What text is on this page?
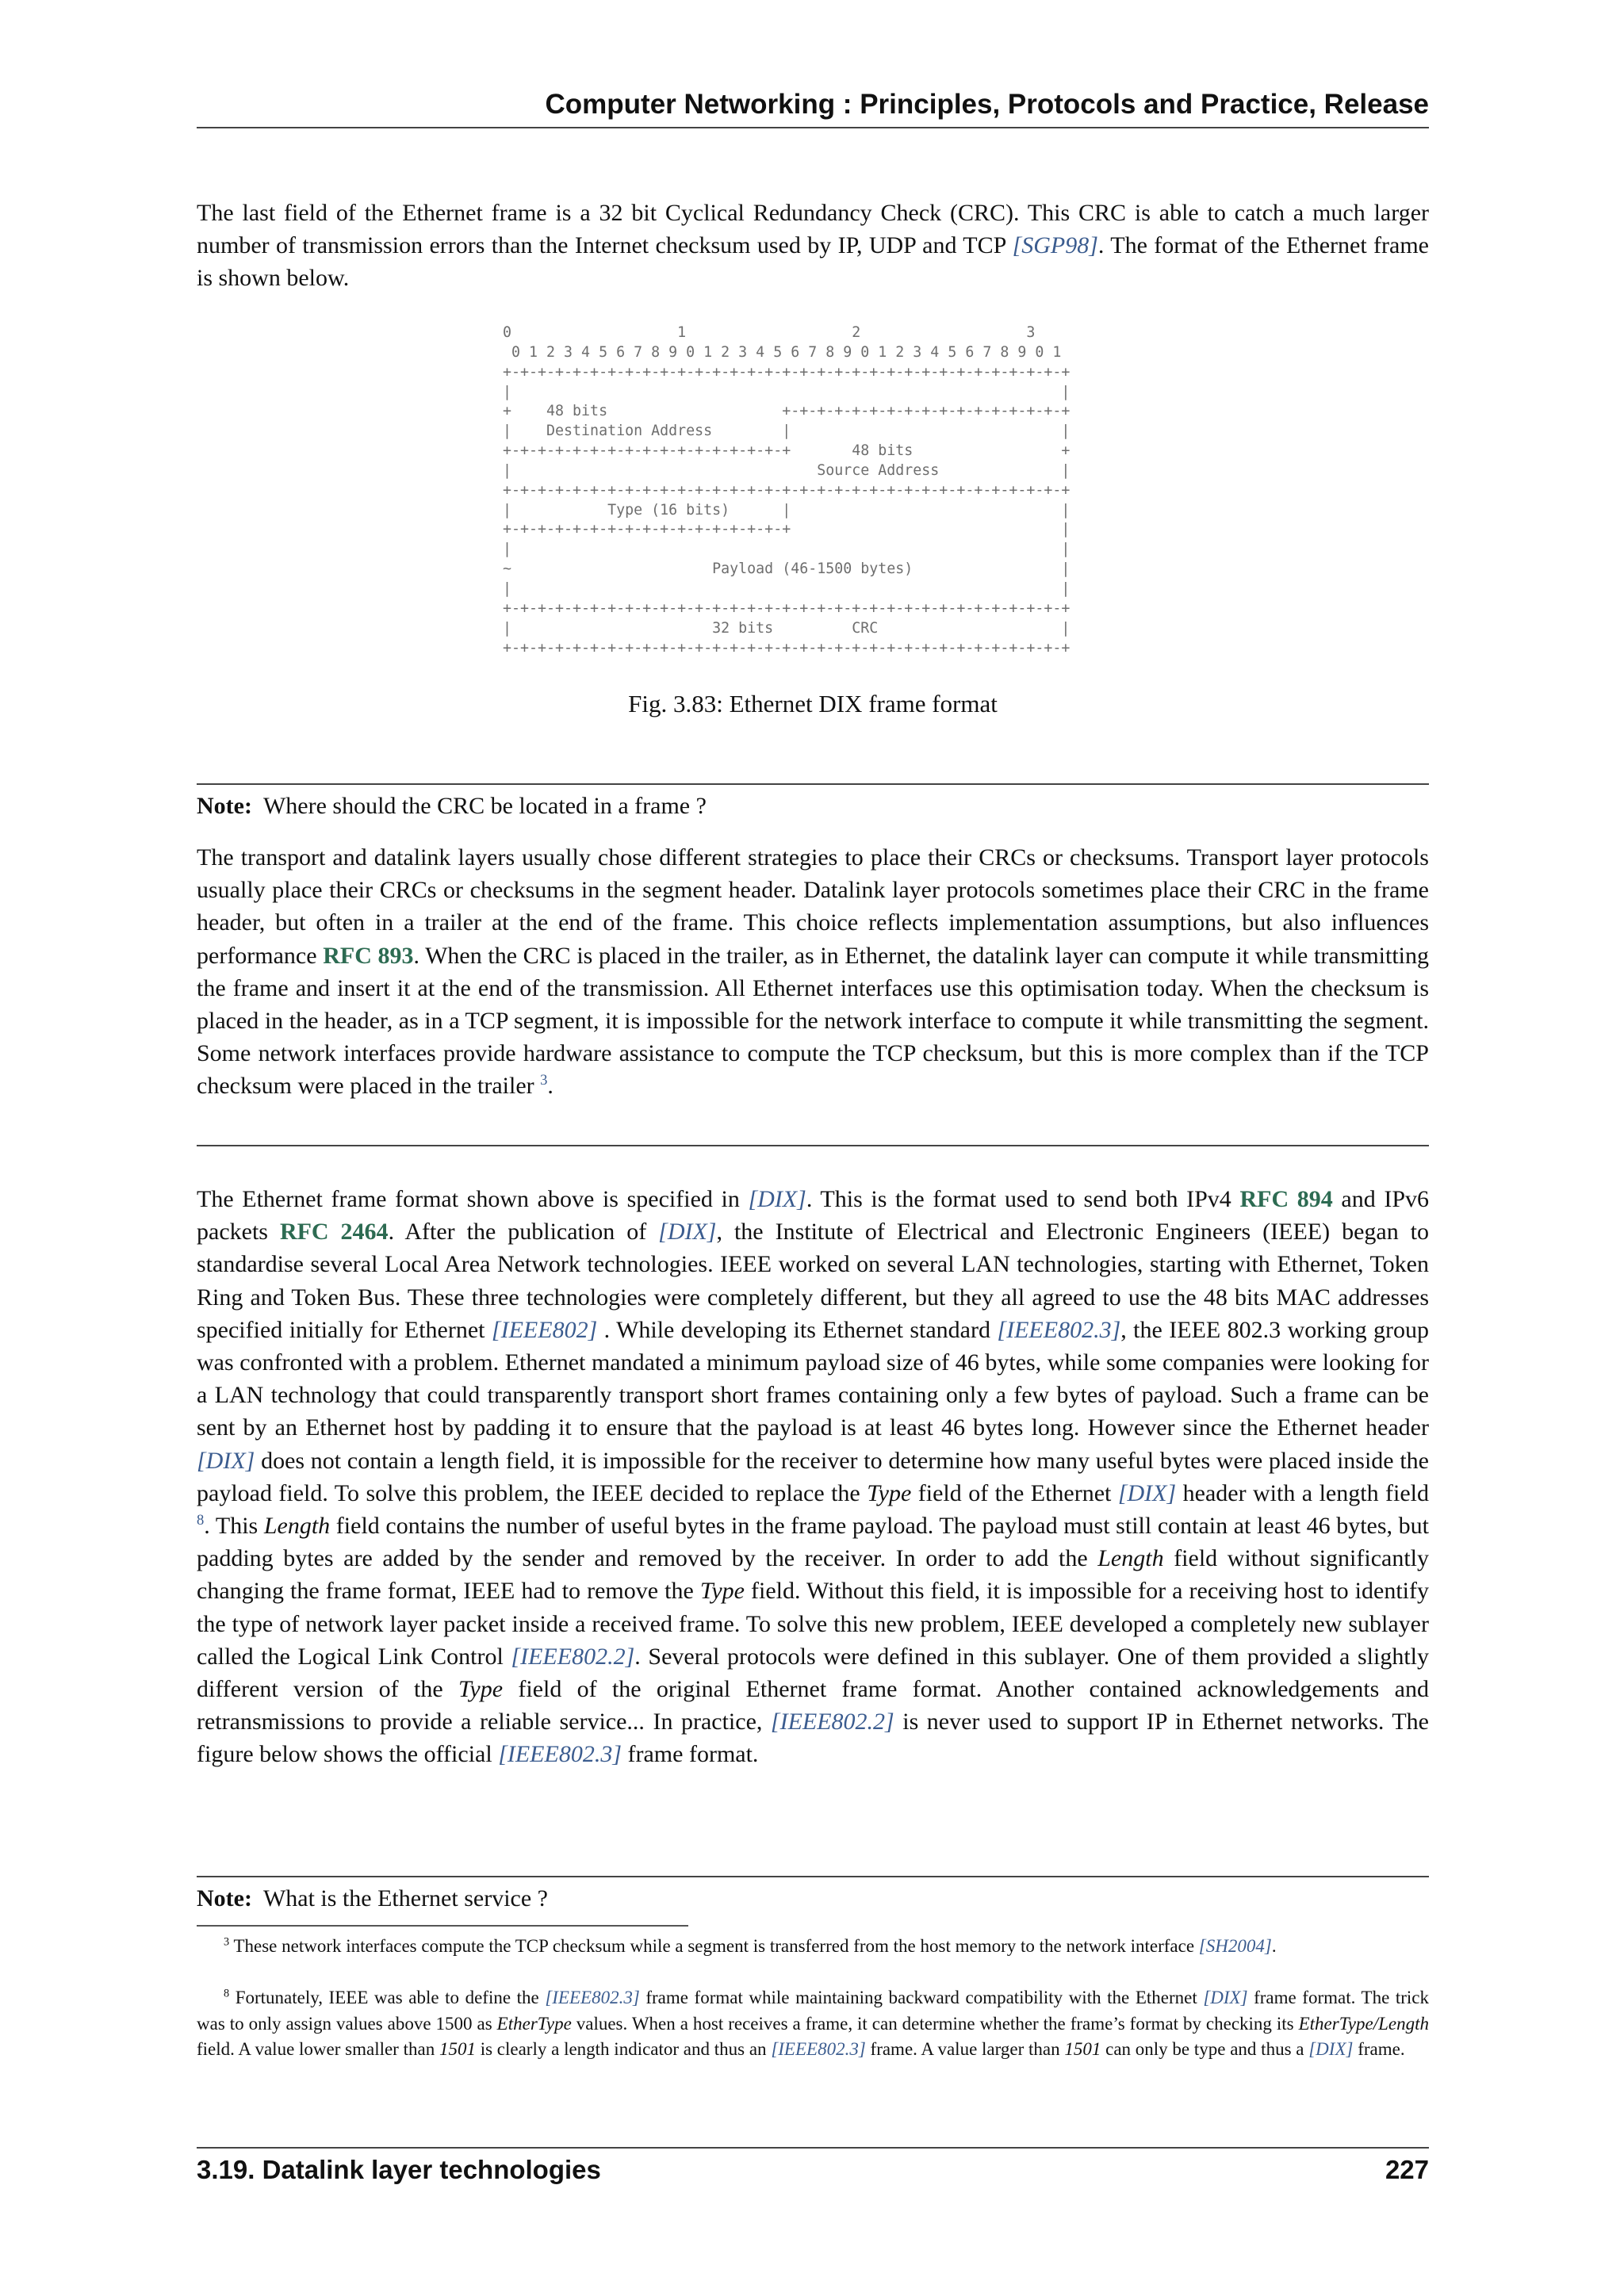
Computer Networking : Principles, Protocols and Practice, Release

The last field of the Ethernet frame is a 32 bit Cyclical Redundancy Check (CRC). This CRC is able to catch a much larger number of transmission errors than the Internet checksum used by IP, UDP and TCP [SGP98]. The format of the Ethernet frame is shown below.

0                   1                   2                   3
0 1 2 3 4 5 6 7 8 9 0 1 2 3 4 5 6 7 8 9 0 1 2 3 4 5 6 7 8 9 0 1
+-+-+-+-+-+-+-+-+-+-+-+-+-+-+-+-+-+-+-+-+-+-+-+-+-+-+-+-+-+-+-+-+
|                                                               |
+    48 bits                    +-+-+-+-+-+-+-+-+-+-+-+-+-+-+-+-+
|    Destination Address        |                               |
+-+-+-+-+-+-+-+-+-+-+-+-+-+-+-+-+       48 bits                 +
|                                   Source Address              |
+-+-+-+-+-+-+-+-+-+-+-+-+-+-+-+-+-+-+-+-+-+-+-+-+-+-+-+-+-+-+-+-+
|           Type (16 bits)      |                               |
+-+-+-+-+-+-+-+-+-+-+-+-+-+-+-+-+                               |
|                                                               |
~                       Payload (46-1500 bytes)                 |
|                                                               |
+-+-+-+-+-+-+-+-+-+-+-+-+-+-+-+-+-+-+-+-+-+-+-+-+-+-+-+-+-+-+-+-+
|                       32 bits         CRC                     |
+-+-+-+-+-+-+-+-+-+-+-+-+-+-+-+-+-+-+-+-+-+-+-+-+-+-+-+-+-+-+-+-+
Fig. 3.83: Ethernet DIX frame format
Note: Where should the CRC be located in a frame ?

The transport and datalink layers usually chose different strategies to place their CRCs or checksums. Transport layer protocols usually place their CRCs or checksums in the segment header. Datalink layer protocols sometimes place their CRC in the frame header, but often in a trailer at the end of the frame. This choice reflects implementation assumptions, but also influences performance RFC 893. When the CRC is placed in the trailer, as in Ethernet, the datalink layer can compute it while transmitting the frame and insert it at the end of the transmission. All Ethernet interfaces use this optimisation today. When the checksum is placed in the header, as in a TCP segment, it is impossible for the network interface to compute it while transmitting the segment. Some network interfaces provide hardware assistance to compute the TCP checksum, but this is more complex than if the TCP checksum were placed in the trailer $^3$.

The Ethernet frame format shown above is specified in [DIX]. This is the format used to send both IPv4 RFC 894 and IPv6 packets RFC 2464. After the publication of [DIX], the Institute of Electrical and Electronic Engineers (IEEE) began to standardise several Local Area Network technologies. IEEE worked on several LAN technologies, starting with Ethernet, Token Ring and Token Bus. These three technologies were completely different, but they all agreed to use the 48 bits MAC addresses specified initially for Ethernet [IEEE802] . While developing its Ethernet standard [IEEE802.3], the IEEE 802.3 working group was confronted with a problem. Ethernet mandated a minimum payload size of 46 bytes, while some companies were looking for a LAN technology that could transparently transport short frames containing only a few bytes of payload. Such a frame can be sent by an Ethernet host by padding it to ensure that the payload is at least 46 bytes long. However since the Ethernet header [DIX] does not contain a length field, it is impossible for the receiver to determine how many useful bytes were placed inside the payload field. To solve this problem, the IEEE decided to replace the Type field of the Ethernet [DIX] header with a length field $^8$. This Length field contains the number of useful bytes in the frame payload. The payload must still contain at least 46 bytes, but padding bytes are added by the sender and removed by the receiver. In order to add the Length field without significantly changing the frame format, IEEE had to remove the Type field. Without this field, it is impossible for a receiving host to identify the type of network layer packet inside a received frame. To solve this new problem, IEEE developed a completely new sublayer called the Logical Link Control [IEEE802.2]. Several protocols were defined in this sublayer. One of them provided a slightly different version of the Type field of the original Ethernet frame format. Another contained acknowledgements and retransmissions to provide a reliable service... In practice, [IEEE802.2] is never used to support IP in Ethernet networks. The figure below shows the official [IEEE802.3] frame format.

Note: What is the Ethernet service ?

$^3$ These network interfaces compute the TCP checksum while a segment is transferred from the host memory to the network interface [SH2004].

$^8$ Fortunately, IEEE was able to define the [IEEE802.3] frame format while maintaining backward compatibility with the Ethernet [DIX] frame format. The trick was to only assign values above 1500 as EtherType values. When a host receives a frame, it can determine whether the frame’s format by checking its EtherType/Length field. A value lower smaller than 1501 is clearly a length indicator and thus an [IEEE802.3] frame. A value larger than 1501 can only be type and thus a [DIX] frame.

3.19. Datalink layer technologies	227
